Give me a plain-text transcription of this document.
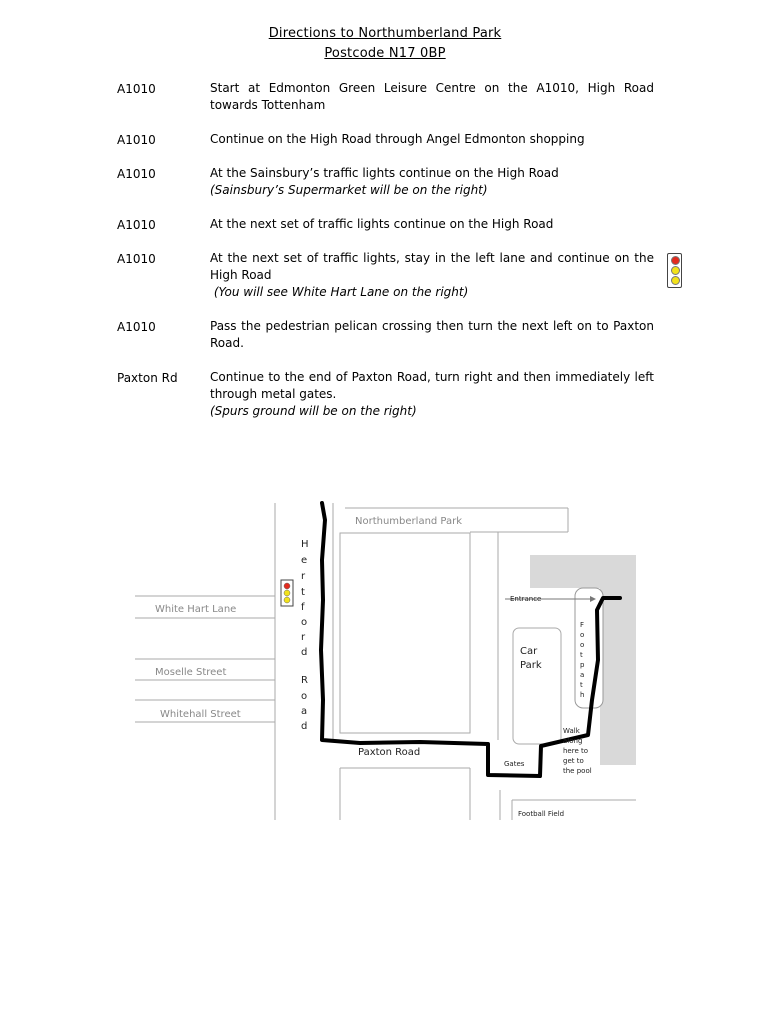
Directions to Northumberland Park
Postcode N17 0BP
A1010	Start at Edmonton Green Leisure Centre on the A1010, High Road towards Tottenham
A1010	Continue on the High Road through Angel Edmonton shopping
A1010	At the Sainsbury’s traffic lights continue on the High Road
(Sainsbury’s Supermarket will be on the right)
A1010	At the next set of traffic lights continue on the High Road
A1010	At the next set of traffic lights, stay in the left lane and continue on the High Road
(You will see White Hart Lane on the right)
A1010	Pass the pedestrian pelican crossing then turn the next left on to Paxton Road.
Paxton Rd	Continue to the end of Paxton Road, turn right and then immediately left through metal gates.
(Spurs ground will be on the right)
Northumberland Park
White Hart Lane
Moselle Street
Whitehall Street
Paxton Road
Entrance
Car
Park
Gates
Football Field
H
e
r
t
f
o
r
d
R
o
a
d
F
o
o
t
p
a
t
h
Walk
along
here to
get to
the pool
